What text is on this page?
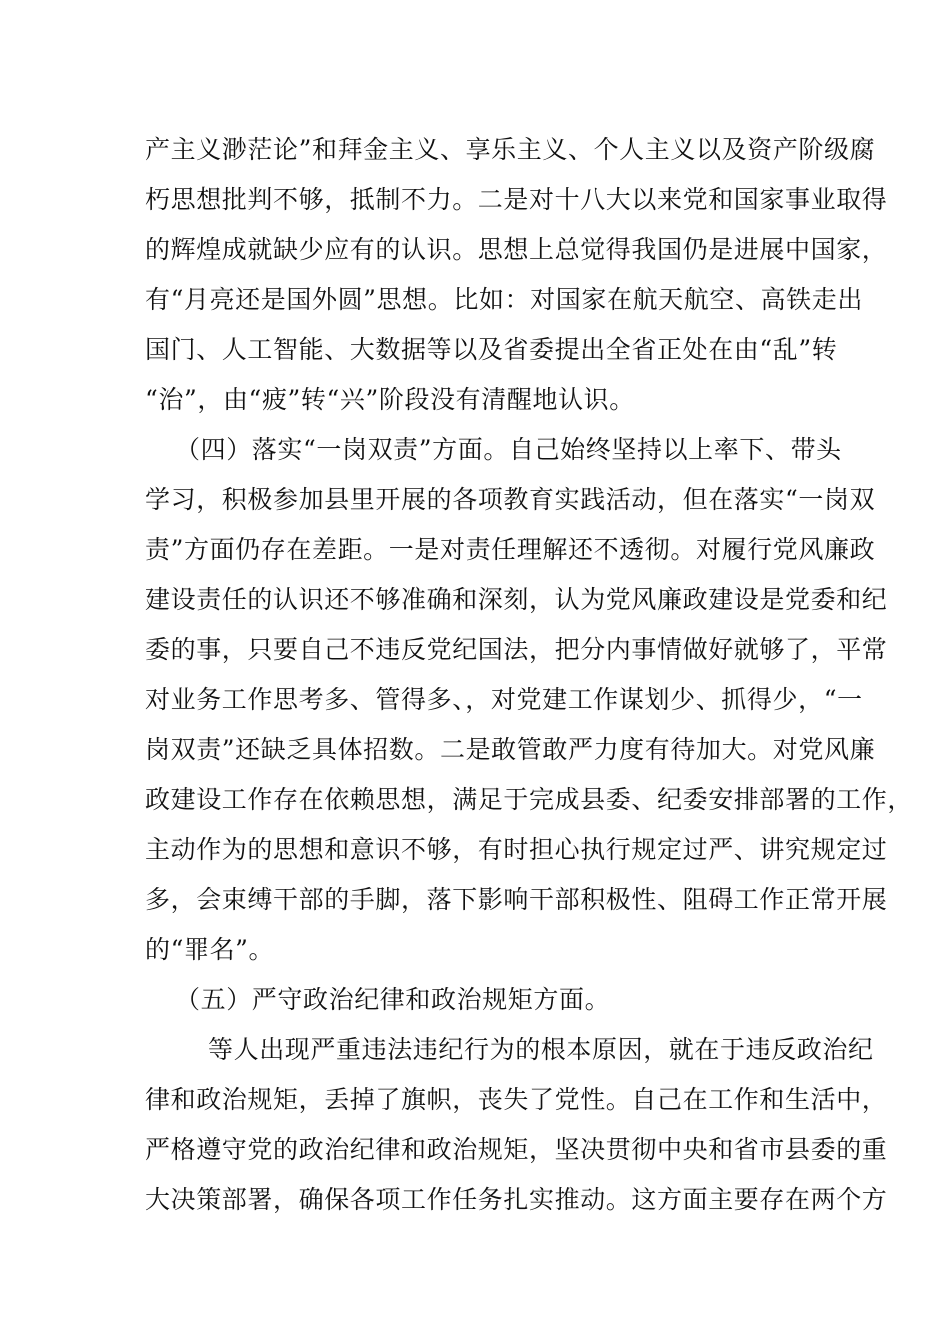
产主义渺茫论”和拜金主义、享乐主义、个人主义以及资产阶级腐
朽思想批判不够，抵制不力。二是对十八大以来党和国家事业取得
的辉煌成就缺少应有的认识。思想上总觉得我国仍是进展中国家，
有“月亮还是国外圆”思想。比如：对国家在航天航空、高铁走出
国门、人工智能、大数据等以及省委提出全省正处在由“乱”转
“治”，由“疲”转“兴”阶段没有清醒地认识。
（四）落实“一岗双责”方面。自己始终坚持以上率下、带头
学习，积极参加县里开展的各项教育实践活动，但在落实“一岗双
责”方面仍存在差距。一是对责任理解还不透彻。对履行党风廉政
建设责任的认识还不够准确和深刻，认为党风廉政建设是党委和纪
委的事，只要自己不违反党纪国法，把分内事情做好就够了，平常
对业务工作思考多、管得多、，对党建工作谋划少、抓得少，“一
岗双责”还缺乏具体招数。二是敢管敢严力度有待加大。对党风廉
政建设工作存在依赖思想，满足于完成县委、纪委安排部署的工作，
主动作为的思想和意识不够，有时担心执行规定过严、讲究规定过
多，会束缚干部的手脚，落下影响干部积极性、阻碍工作正常开展
的“罪名”。
（五）严守政治纪律和政治规矩方面。
等人出现严重违法违纪行为的根本原因，就在于违反政治纪
律和政治规矩，丢掉了旗帜，丧失了党性。自己在工作和生活中，
严格遵守党的政治纪律和政治规矩，坚决贯彻中央和省市县委的重
大决策部署，确保各项工作任务扎实推动。这方面主要存在两个方
